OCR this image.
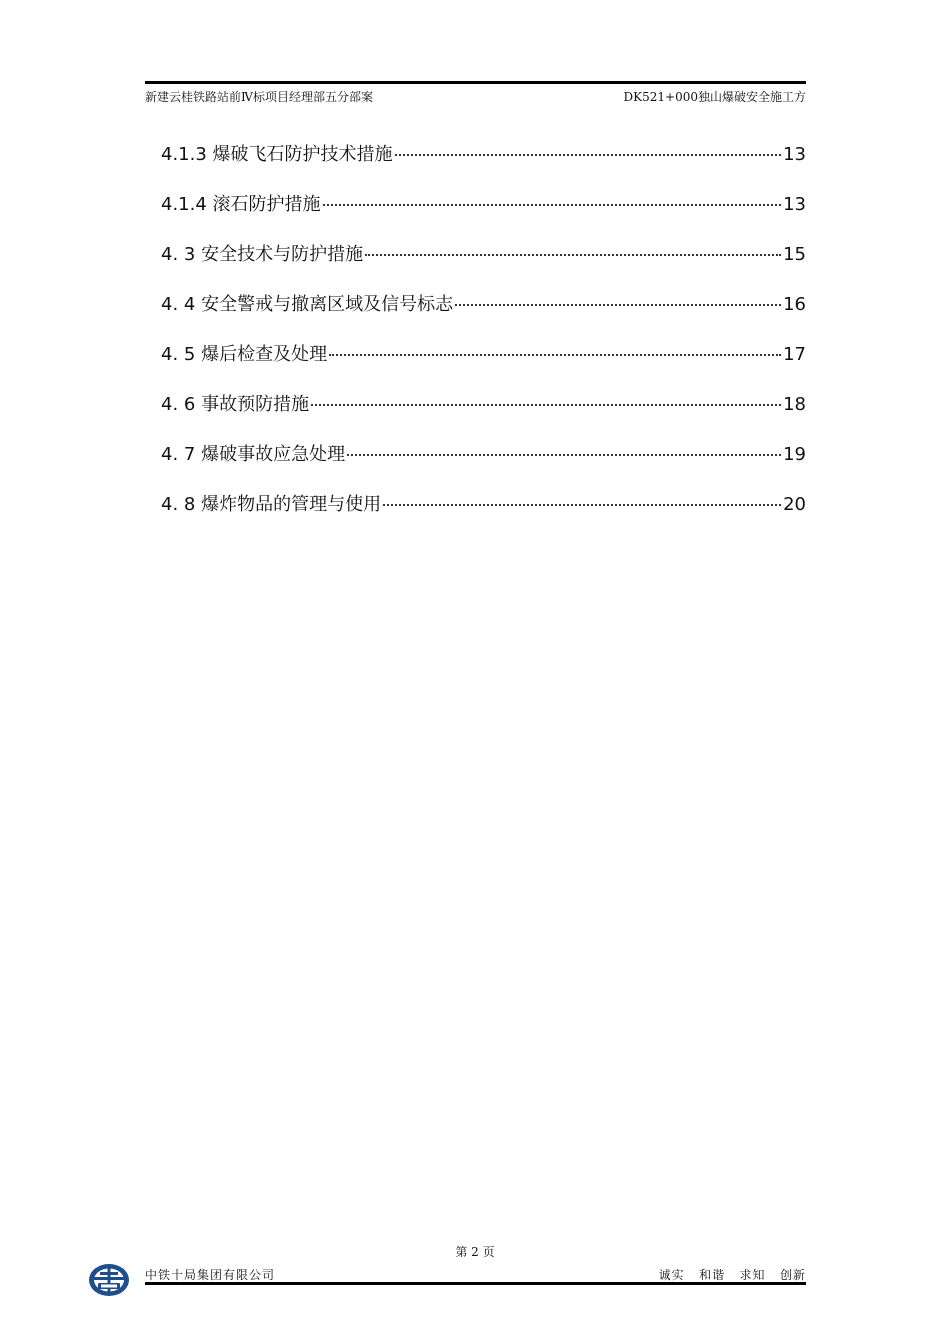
新建云桂铁路站前Ⅳ标项目经理部五分部案	DK521+000独山爆破安全施工方
4.1.3 爆破飞石防护技术措施	13
4.1.4 滚石防护措施	13
4. 3 安全技术与防护措施	15
4. 4 安全警戒与撤离区域及信号标志	16
4. 5 爆后检查及处理	17
4. 6 事故预防措施	18
4. 7 爆破事故应急处理	19
4. 8 爆炸物品的管理与使用	20
第 2 页
中铁十局集团有限公司	诚实   和谐   求知   创新
